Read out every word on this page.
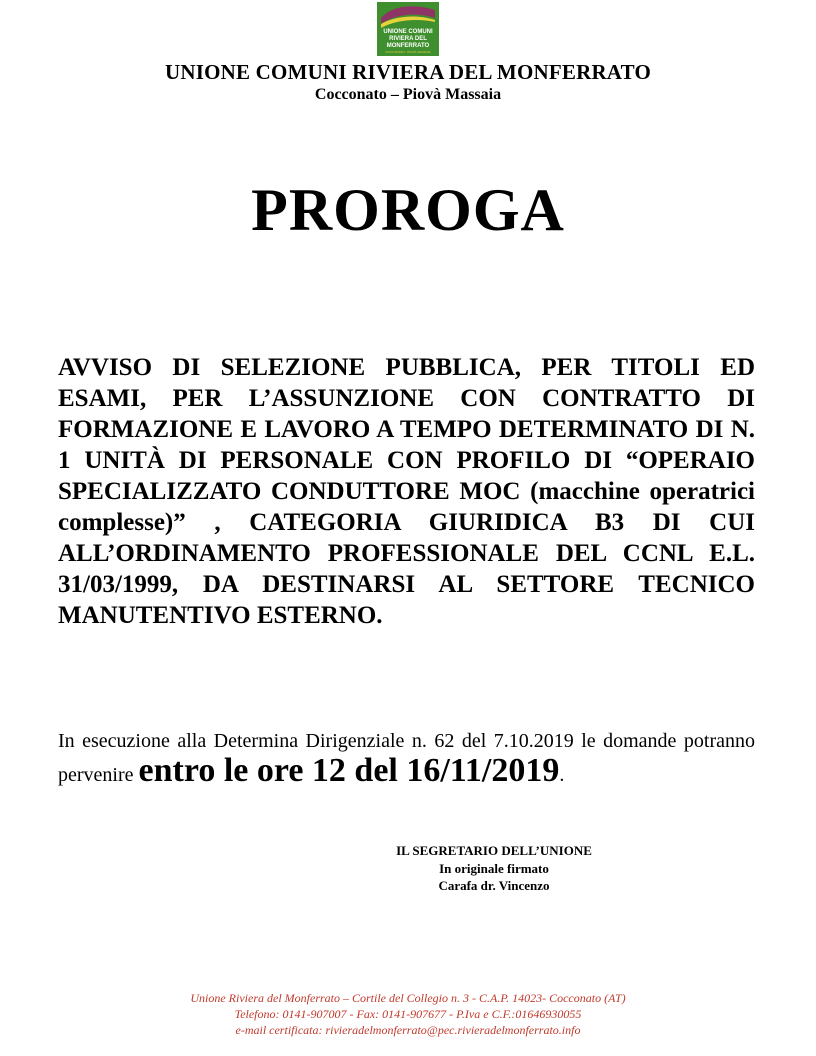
UNIONE COMUNI
RIVIERA DEL
MONFERRATO
COCCONATO - PIOVÀ MASSAIA
UNIONE COMUNI RIVIERA DEL MONFERRATO
Cocconato – Piovà Massaia
PROROGA
AVVISO DI SELEZIONE PUBBLICA, PER TITOLI ED ESAMI, PER L’ASSUNZIONE CON CONTRATTO DI FORMAZIONE E LAVORO A TEMPO DETERMINATO DI N. 1 UNITÀ DI PERSONALE CON PROFILO DI “OPERAIO SPECIALIZZATO CONDUTTORE MOC (macchine operatrici complesse)” , CATEGORIA GIURIDICA B3 DI CUI ALL’ORDINAMENTO PROFESSIONALE DEL CCNL E.L. 31/03/1999, DA DESTINARSI AL SETTORE TECNICO MANUTENTIVO ESTERNO.
In esecuzione alla Determina Dirigenziale n. 62 del 7.10.2019 le domande potranno pervenire entro le ore 12 del 16/11/2019.
IL SEGRETARIO DELL’UNIONE
In originale firmato
Carafa dr. Vincenzo
Unione Riviera del Monferrato – Cortile del Collegio n. 3 - C.A.P. 14023- Cocconato (AT)
Telefono: 0141-907007 - Fax: 0141-907677 - P.Iva e C.F.:01646930055
e-mail certificata: rivieradelmonferrato@pec.rivieradelmonferrato.info
